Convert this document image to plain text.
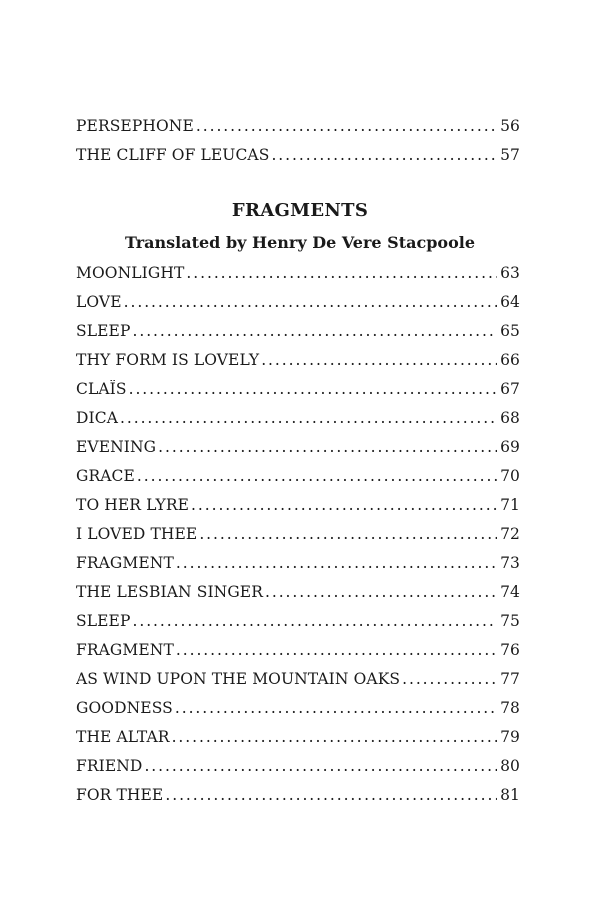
PERSEPHONE . . .	56
THE CLIFF OF LEUCAS . . .	57
FRAGMENTS
Translated by Henry De Vere Stacpoole
MOONLIGHT . . .	63
LOVE . . .	64
SLEEP . . .	65
THY FORM IS LOVELY . . .	66
CLAÏS . . .	67
DICA . . .	68
EVENING . . .	69
GRACE . . .	70
TO HER LYRE . . .	71
I LOVED THEE . . .	72
FRAGMENT . . .	73
THE LESBIAN SINGER . . .	74
SLEEP . . .	75
FRAGMENT . . .	76
AS WIND UPON THE MOUNTAIN OAKS . . .	77
GOODNESS . . .	78
THE ALTAR . . .	79
FRIEND . . .	80
FOR THEE . . .	81
